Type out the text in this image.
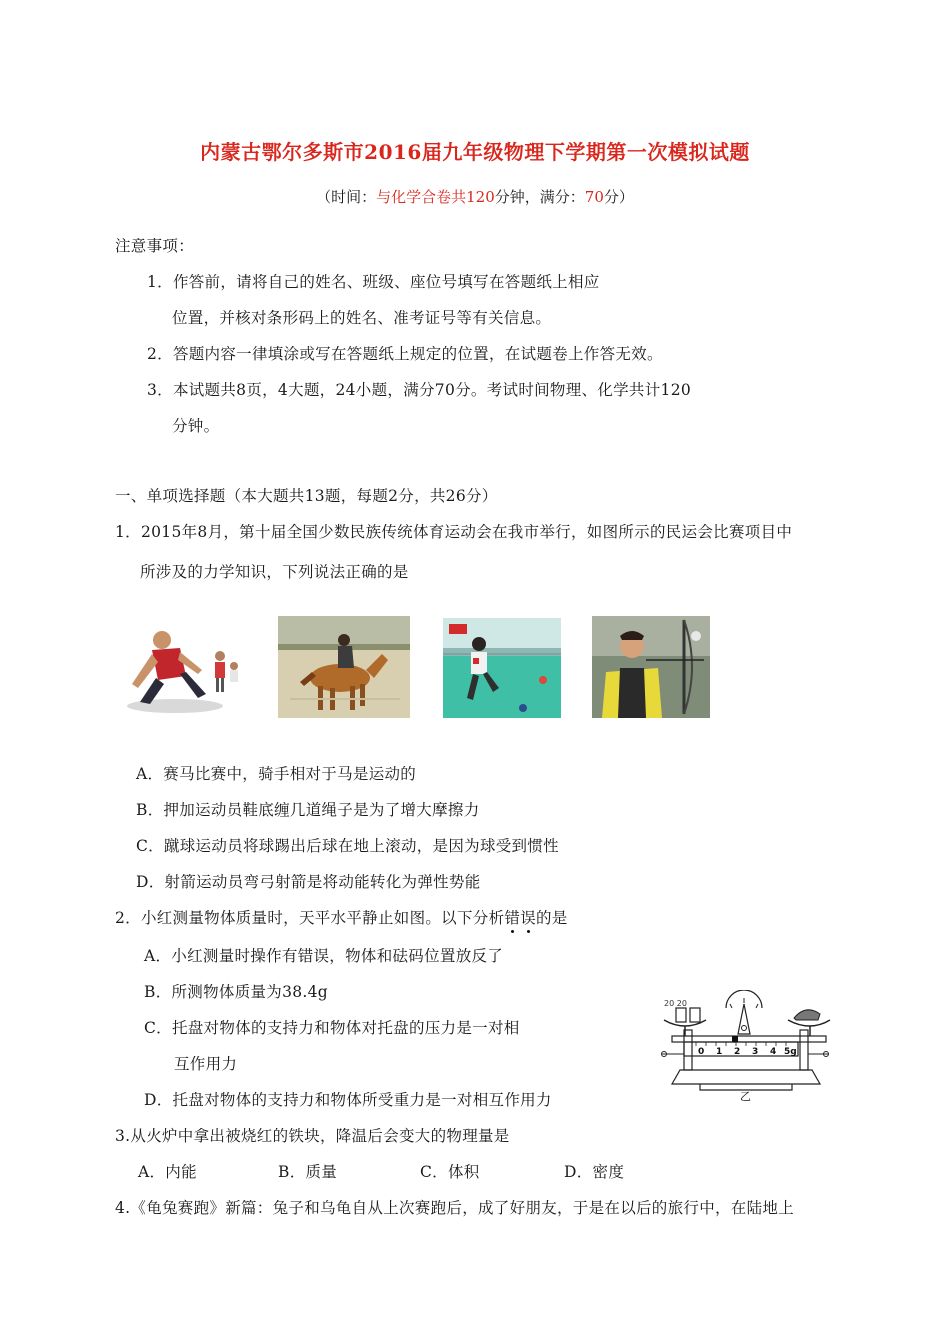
内蒙古鄂尔多斯市2016届九年级物理下学期第一次模拟试题
（时间：与化学合卷共120分钟，满分：70分）
注意事项：
1．作答前，请将自己的姓名、班级、座位号填写在答题纸上相应
位置，并核对条形码上的姓名、准考证号等有关信息。
2．答题内容一律填涂或写在答题纸上规定的位置，在试题卷上作答无效。
3．本试题共8页，4大题，24小题，满分70分。考试时间物理、化学共计120
分钟。
一、单项选择题（本大题共13题，每题2分，共26分）
1．2015年8月，第十届全国少数民族传统体育运动会在我市举行，如图所示的民运会比赛项目中
所涉及的力学知识，下列说法正确的是
A．赛马比赛中，骑手相对于马是运动的
B．押加运动员鞋底缠几道绳子是为了增大摩擦力
C．蹴球运动员将球踢出后球在地上滚动，是因为球受到惯性
D．射箭运动员弯弓射箭是将动能转化为弹性势能
2．小红测量物体质量时，天平水平静止如图。以下分析错误的是
A．小红测量时操作有错误，物体和砝码位置放反了
B．所测物体质量为38.4g
C．托盘对物体的支持力和物体对托盘的压力是一对相
互作用力
D．托盘对物体的支持力和物体所受重力是一对相互作用力
20 20
0 1 2 3 4 5g
乙
3.从火炉中拿出被烧红的铁块，降温后会变大的物理量是
A．内能	B．质量	C．体积	D．密度
4.《龟兔赛跑》新篇：兔子和乌龟自从上次赛跑后，成了好朋友，于是在以后的旅行中，在陆地上
